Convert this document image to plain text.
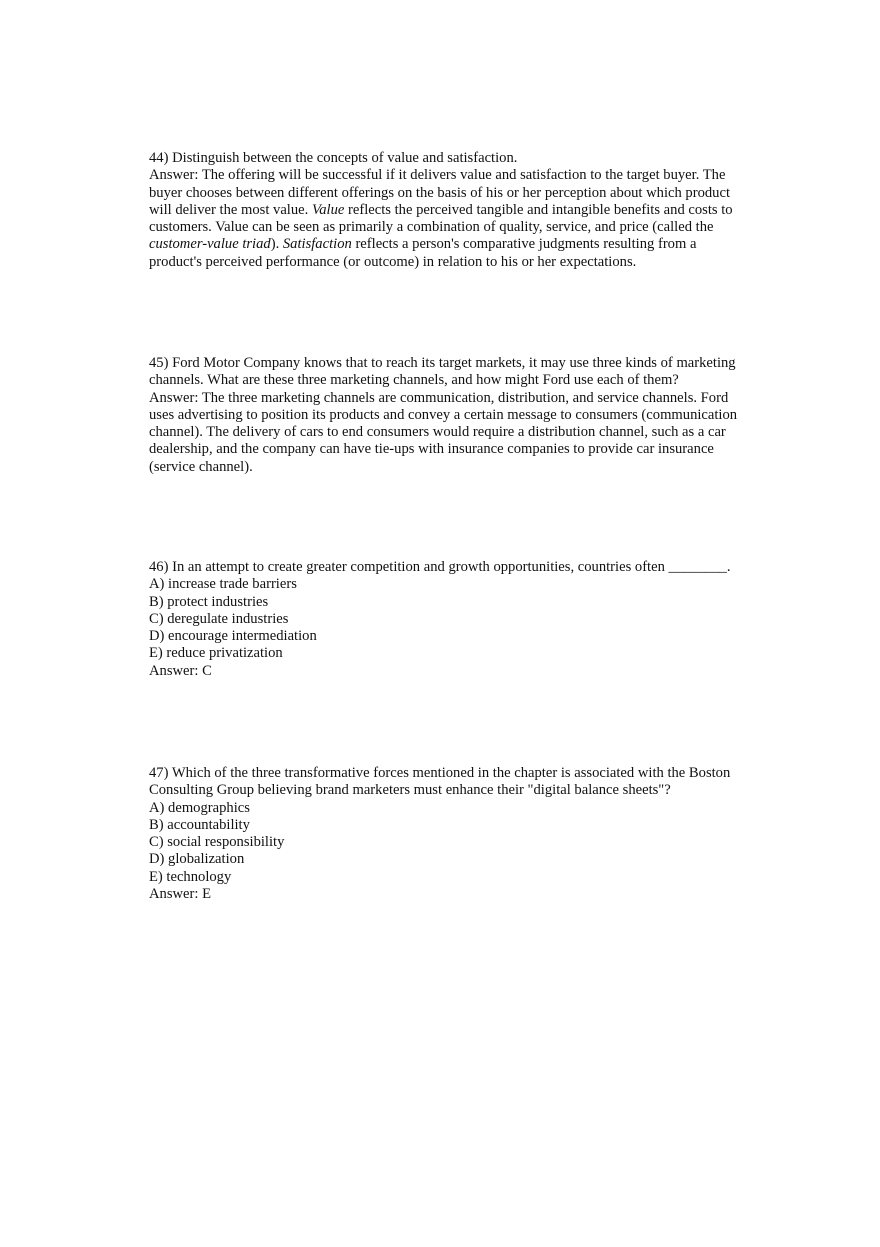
44) Distinguish between the concepts of value and satisfaction.

Answer: The offering will be successful if it delivers value and satisfaction to the target buyer. The buyer chooses between different offerings on the basis of his or her perception about which product will deliver the most value. Value reflects the perceived tangible and intangible benefits and costs to customers. Value can be seen as primarily a combination of quality, service, and price (called the customer-value triad). Satisfaction reflects a person's comparative judgments resulting from a product's perceived performance (or outcome) in relation to his or her expectations.

45) Ford Motor Company knows that to reach its target markets, it may use three kinds of marketing channels. What are these three marketing channels, and how might Ford use each of them?

Answer: The three marketing channels are communication, distribution, and service channels. Ford uses advertising to position its products and convey a certain message to consumers (communication channel). The delivery of cars to end consumers would require a distribution channel, such as a car dealership, and the company can have tie-ups with insurance companies to provide car insurance (service channel).

46) In an attempt to create greater competition and growth opportunities, countries often ________.

A) increase trade barriers

B) protect industries

C) deregulate industries

D) encourage intermediation

E) reduce privatization

Answer: C

47) Which of the three transformative forces mentioned in the chapter is associated with the Boston Consulting Group believing brand marketers must enhance their "digital balance sheets"?

A) demographics

B) accountability

C) social responsibility

D) globalization

E) technology

Answer: E
